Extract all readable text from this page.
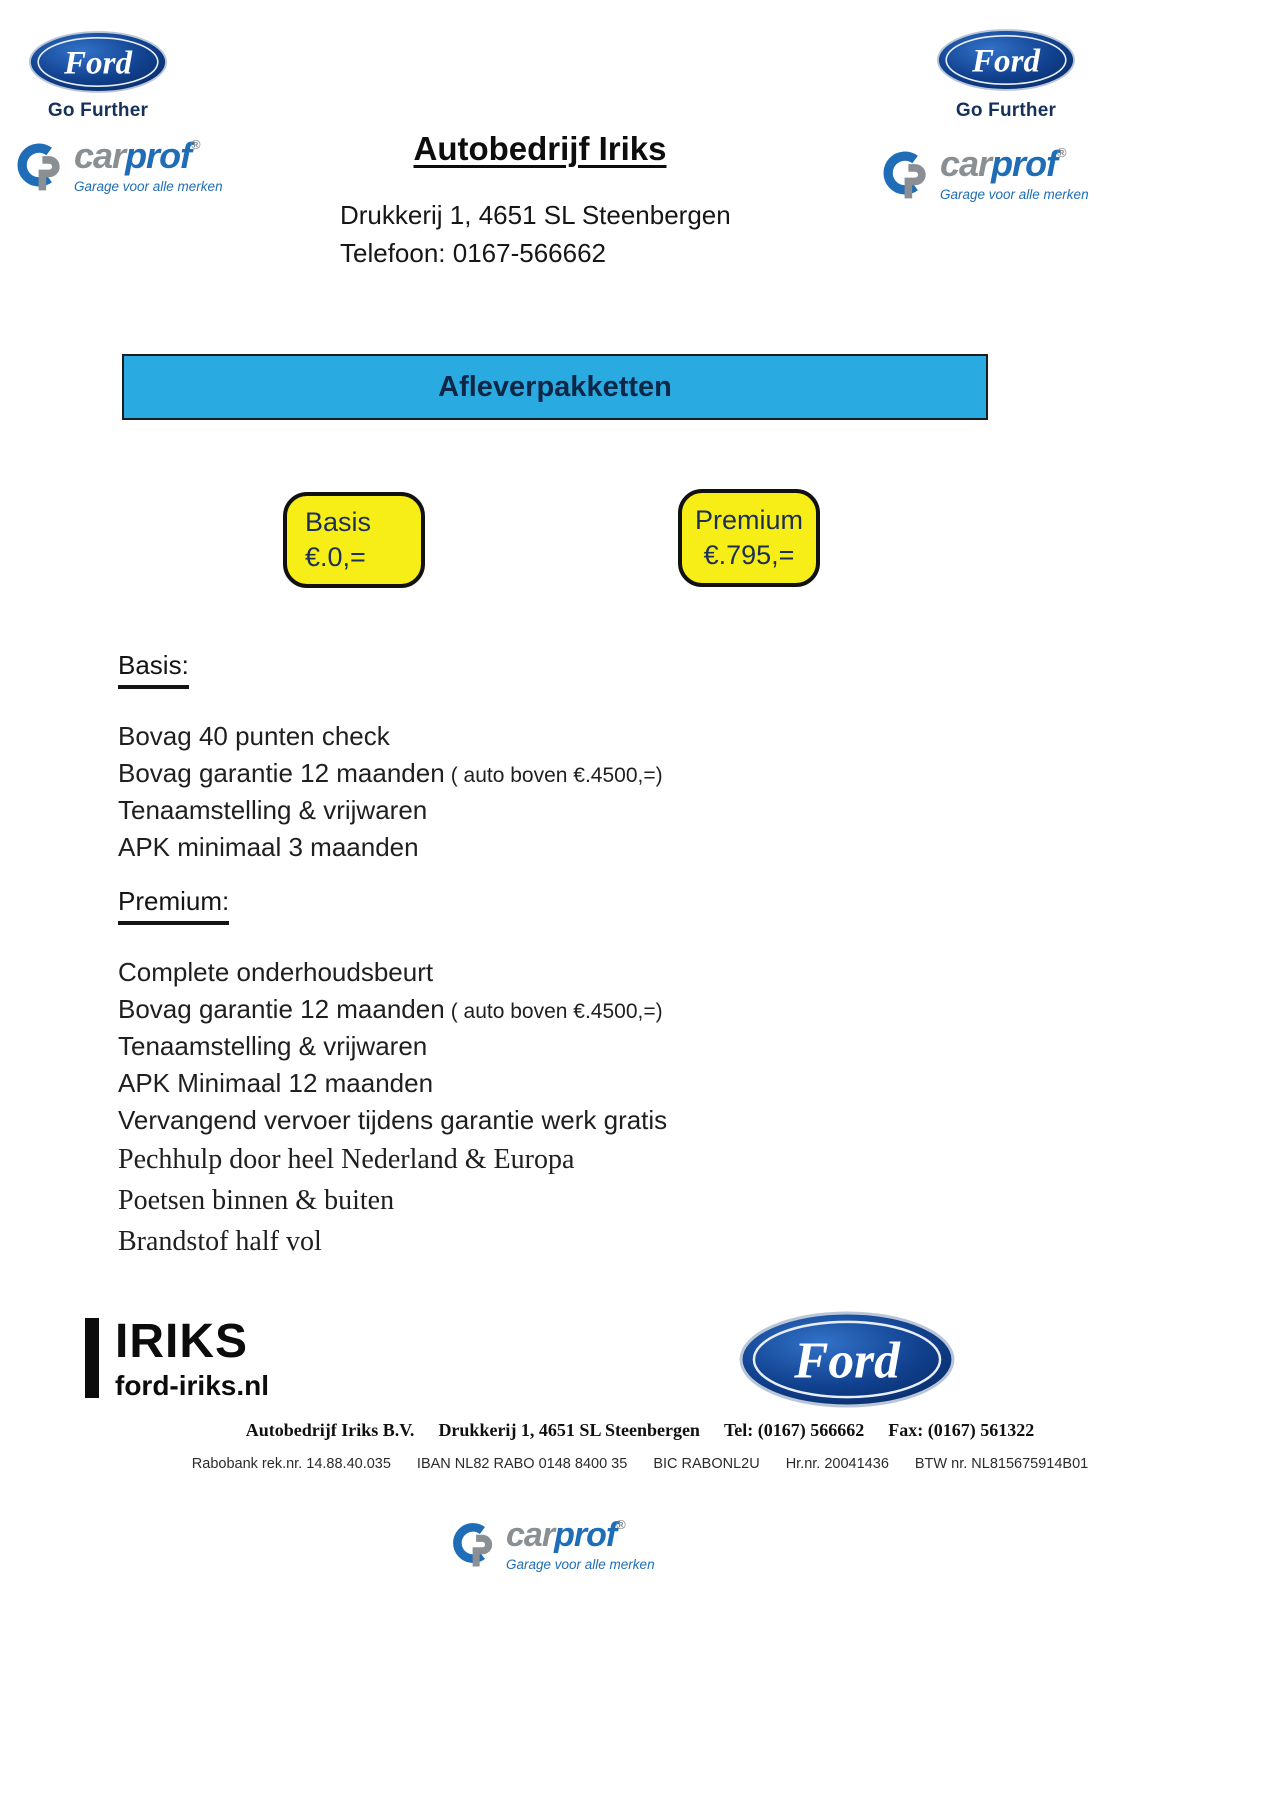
Ford
Go Further
carprof®
Garage voor alle merken
Ford
Go Further
carprof®
Garage voor alle merken
Autobedrijf Iriks
Drukkerij 1, 4651 SL Steenbergen
Telefoon: 0167-566662
Afleverpakketten
Basis
€.0,=
Premium
€.795,=
Basis:
Bovag 40 punten check
Bovag garantie 12 maanden ( auto boven €.4500,=)
Tenaamstelling & vrijwaren
APK minimaal 3 maanden
Premium:
Complete onderhoudsbeurt
Bovag garantie 12 maanden ( auto boven €.4500,=)
Tenaamstelling & vrijwaren
APK Minimaal 12 maanden
Vervangend vervoer tijdens garantie werk gratis
Pechhulp door heel Nederland & Europa
Poetsen binnen & buiten
Brandstof half vol
IRIKS
ford-iriks.nl	Ford
Autobedrijf Iriks B.V. Drukkerij 1, 4651 SL Steenbergen Tel: (0167) 566662 Fax: (0167) 561322
Rabobank rek.nr. 14.88.40.035 IBAN NL82 RABO 0148 8400 35 BIC RABONL2U Hr.nr. 20041436 BTW nr. NL815675914B01
carprof®
Garage voor alle merken
